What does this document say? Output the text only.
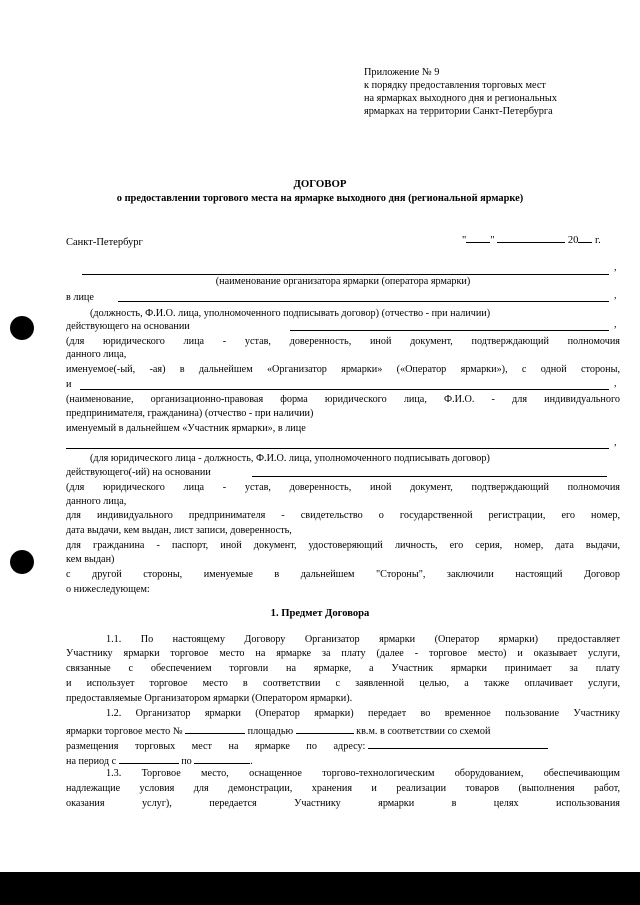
Приложение № 9
к порядку предоставления торговых мест
на ярмарках выходного дня и региональных
ярмарках на территории Санкт-Петербурга
ДОГОВОР
о предоставлении торгового места на ярмарке выходного дня (региональной ярмарке)
Санкт-Петербург	" "	20 г.
,
(наименование организатора ярмарки (оператора ярмарки)
в лице	,
(должность, Ф.И.О. лица, уполномоченного подписывать договор) (отчество - при наличии)
действующего на основании	,
(для юридического лица - устав, доверенность, иной документ, подтверждающий полномочия
данного лица,
именуемое(-ый, -ая) в дальнейшем «Организатор ярмарки» («Оператор ярмарки»), с одной стороны,
и	,
(наименование, организационно-правовая форма юридического лица, Ф.И.О. - для индивидуального
предпринимателя, гражданина) (отчество - при наличии)
именуемый в дальнейшем «Участник ярмарки», в лице
,
(для юридического лица - должность, Ф.И.О. лица, уполномоченного подписывать договор)
действующего(-ий) на основании
(для юридического лица - устав, доверенность, иной документ, подтверждающий полномочия
данного лица,
для индивидуального предпринимателя - свидетельство о государственной регистрации, его номер,
дата выдачи, кем выдан, лист записи, доверенность,
для гражданина - паспорт, иной документ, удостоверяющий личность, его серия, номер, дата выдачи,
кем выдан)
с другой стороны, именуемые в дальнейшем "Стороны", заключили настоящий Договор
о нижеследующем:
1. Предмет Договора
1.1. По настоящему Договору Организатор ярмарки (Оператор ярмарки) предоставляет
Участнику ярмарки торговое место на ярмарке за плату (далее - торговое место) и оказывает услуги,
связанные с обеспечением торговли на ярмарке, а Участник ярмарки принимает за плату
и использует торговое место в соответствии с заявленной целью, а также оплачивает услуги,
предоставляемые Организатором ярмарки (Оператором ярмарки).
1.2. Организатор ярмарки (Оператор ярмарки) передает во временное пользование Участнику
ярмарки торговое место №	площадью	кв.м. в соответствии со схемой
размещения торговых мест на ярмарке по адресу:
на период с	по	.
1.3. Торговое место, оснащенное торгово-технологическим оборудованием, обеспечивающим
надлежащие условия для демонстрации, хранения и реализации товаров (выполнения работ,
оказания услуг), передается Участнику ярмарки в целях использования
